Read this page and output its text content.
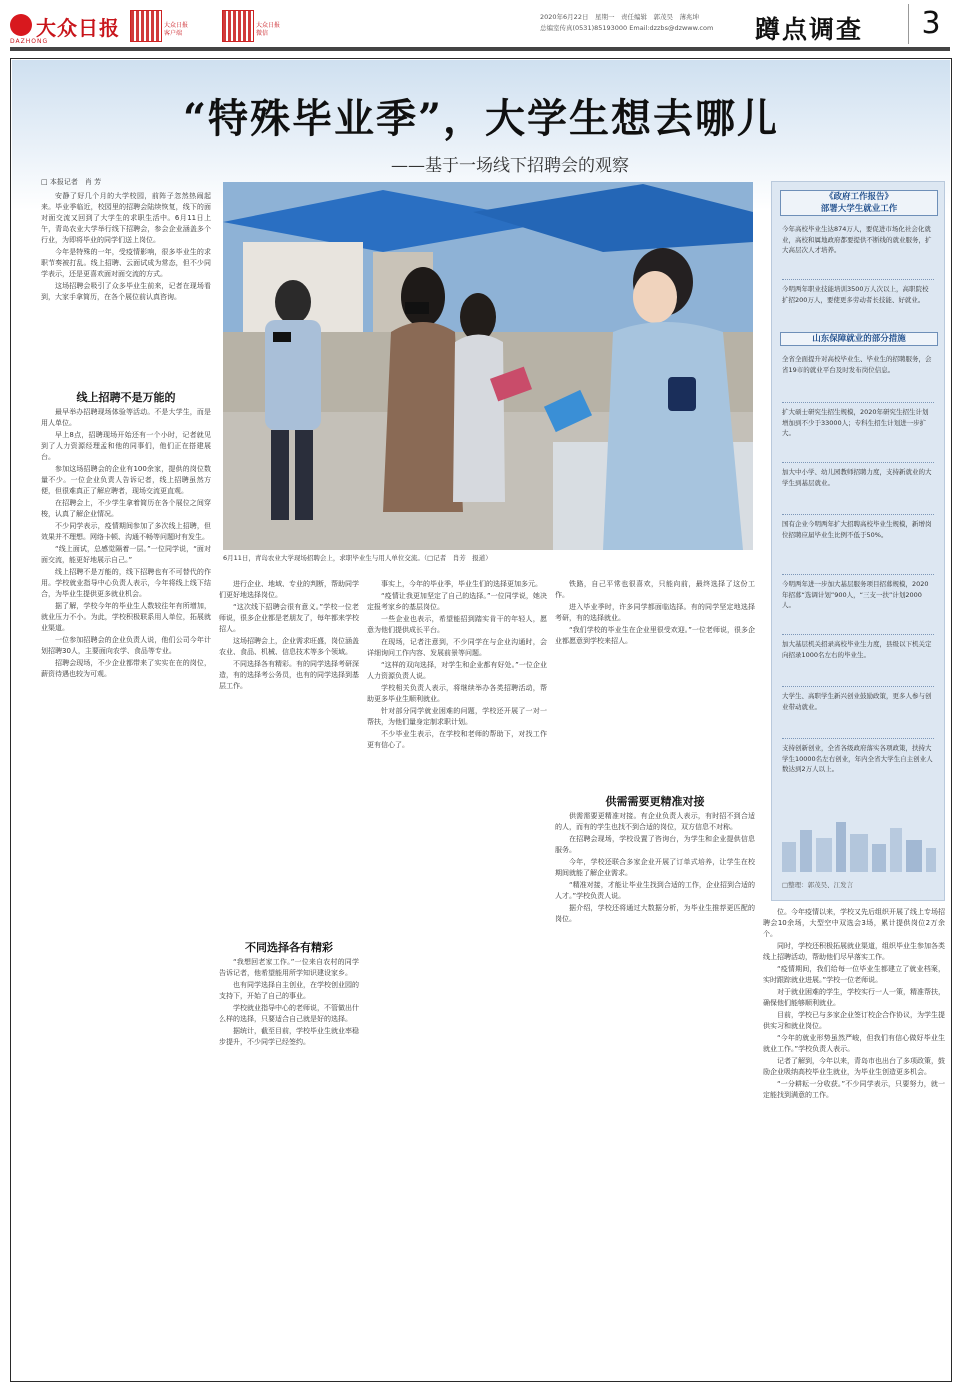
大众日报
DAZHONG
大众日报客户端
大众日报微信
2020年6月22日　星期一　责任编辑　郭茂昊　薄兆坤
总编室传真(0531)85193000 Email:dzzbs@dzwww.com 蹲点调查	3
“特殊毕业季”，大学生想去哪儿
——基于一场线下招聘会的观察
□ 本报记者　肖 芳

安静了好几个月的大学校园，前阵子忽然热闹起来。毕业季临近，校园里的招聘会陆续恢复，线下的面对面交流又回到了大学生的求职生活中。6月11日上午，青岛农业大学举行线下招聘会，参会企业涵盖多个行业，为即将毕业的同学们送上岗位。

今年是特殊的一年，受疫情影响，很多毕业生的求职节奏被打乱。线上招聘、云面试成为常态，但不少同学表示，还是更喜欢面对面交流的方式。

这场招聘会吸引了众多毕业生前来，记者在现场看到，大家手拿简历，在各个展位前认真咨询。

线上招聘不是万能的

最早举办招聘现场体验等活动。不是大学生，而是用人单位。

早上8点，招聘现场开始还有一个小时，记者就见到了人力资源经理孟和他的同事们，他们正在搭建展台。

参加这场招聘会的企业有100余家，提供的岗位数量不少。一位企业负责人告诉记者，线上招聘虽然方便，但很难真正了解应聘者，现场交流更直观。

在招聘会上，不少学生拿着简历在各个展位之间穿梭，认真了解企业情况。

不少同学表示，疫情期间参加了多次线上招聘，但效果并不理想。网络卡顿、沟通不畅等问题时有发生。

“线上面试，总感觉隔着一层。”一位同学说，“面对面交流，能更好地展示自己。”

线上招聘不是万能的，线下招聘也有不可替代的作用。学校就业指导中心负责人表示，今年将线上线下结合，为毕业生提供更多就业机会。

据了解，学校今年的毕业生人数较往年有所增加，就业压力不小。为此，学校积极联系用人单位，拓展就业渠道。

一位参加招聘会的企业负责人说，他们公司今年计划招聘30人，主要面向农学、食品等专业。

招聘会现场，不少企业都带来了实实在在的岗位，薪资待遇也较为可观。

进行企业、地域、专业的判断，帮助同学们更好地选择岗位。

“这次线下招聘会很有意义。”学校一位老师说，很多企业都是老朋友了，每年都来学校招人。

这场招聘会上，企业需求旺盛，岗位涵盖农业、食品、机械、信息技术等多个领域。

不同选择各有精彩。有的同学选择考研深造，有的选择考公务员，也有的同学选择到基层工作。

不同选择各有精彩

“我想回老家工作。”一位来自农村的同学告诉记者，他希望能用所学知识建设家乡。

也有同学选择自主创业，在学校创业园的支持下，开始了自己的事业。

学校就业指导中心的老师说，不管做出什么样的选择，只要适合自己就是好的选择。

据统计，截至目前，学校毕业生就业率稳步提升，不少同学已经签约。

事实上，今年的毕业季，毕业生们的选择更加多元。

“疫情让我更加坚定了自己的选择。”一位同学说，她决定报考家乡的基层岗位。

一些企业也表示，希望能招到踏实肯干的年轻人，愿意为他们提供成长平台。

在现场，记者注意到，不少同学在与企业沟通时，会详细询问工作内容、发展前景等问题。

“这样的双向选择，对学生和企业都有好处。”一位企业人力资源负责人说。

学校相关负责人表示，将继续举办各类招聘活动，帮助更多毕业生顺利就业。

针对部分同学就业困难的问题，学校还开展了一对一帮扶，为他们量身定制求职计划。

不少毕业生表示，在学校和老师的帮助下，对找工作更有信心了。

铁路，自己平常也很喜欢，只能向前，最终选择了这份工作。

进入毕业季时，许多同学都面临选择。有的同学坚定地选择考研，有的选择就业。

“我们学校的毕业生在企业里很受欢迎。”一位老师说，很多企业都愿意到学校来招人。

供需需要更精准对接

供需需要更精准对接。有企业负责人表示，有时招不到合适的人，而有的学生也找不到合适的岗位，双方信息不对称。

在招聘会现场，学校设置了咨询台，为学生和企业提供信息服务。

今年，学校还联合多家企业开展了订单式培养，让学生在校期间就能了解企业需求。

“精准对接，才能让毕业生找到合适的工作，企业招到合适的人才。”学校负责人说。

据介绍，学校还将通过大数据分析，为毕业生推荐更匹配的岗位。

位。今年疫情以来，学校又先后组织开展了线上专场招聘会10余场，大型空中双选会3场，累计提供岗位2万余个。

同时，学校还积极拓展就业渠道，组织毕业生参加各类线上招聘活动，帮助他们尽早落实工作。

“疫情期间，我们给每一位毕业生都建立了就业档案，实时跟踪就业进展。”学校一位老师说。

对于就业困难的学生，学校实行一人一策，精准帮扶，确保他们能够顺利就业。

目前，学校已与多家企业签订校企合作协议，为学生提供实习和就业岗位。

“今年的就业形势虽然严峻，但我们有信心做好毕业生就业工作。”学校负责人表示。

记者了解到，今年以来，青岛市也出台了多项政策，鼓励企业吸纳高校毕业生就业，为毕业生创造更多机会。

“一分耕耘一分收获。”不少同学表示，只要努力，就一定能找到满意的工作。

6月11日，青岛农业大学现场招聘会上，求职毕业生与用人单位交流。（□记者　肖芳　报道）
《政府工作报告》
部署大学生就业工作
今年高校毕业生达874万人，要促进市场化社会化就业，高校和属地政府都要提供不断线的就业服务，扩大高层次人才培养。
今明两年职业技能培训3500万人次以上，高职院校扩招200万人，要使更多劳动者长技能、好就业。
山东保障就业的部分措施
全省全面提升对高校毕业生、毕业生的招聘服务，会省19市的就业平台及时发布岗位信息。
扩大硕士研究生招生规模，2020年研究生招生计划增加到不少于33000人；专科生招生计划进一步扩大。
加大中小学、幼儿园教师招聘力度，支持新就业的大学生到基层就业。
国有企业今明两年扩大招聘高校毕业生规模，新增岗位招聘应届毕业生比例不低于50%。
今明两年进一步加大基层服务项目招募规模，2020年招募“选调计划”900人，“三支一扶”计划2000人。
加大基层机关招录高校毕业生力度，县级以下机关定向招录1000名左右的毕业生。
大学生、高职学生新兴创业鼓励政策，更多人参与创业带动就业。
支持创新创业，全省各级政府落实各项政策，扶持大学生10000名左右创业，年内全省大学生自主创业人数达到2万人以上。
□整理：郭茂昊、江发言
